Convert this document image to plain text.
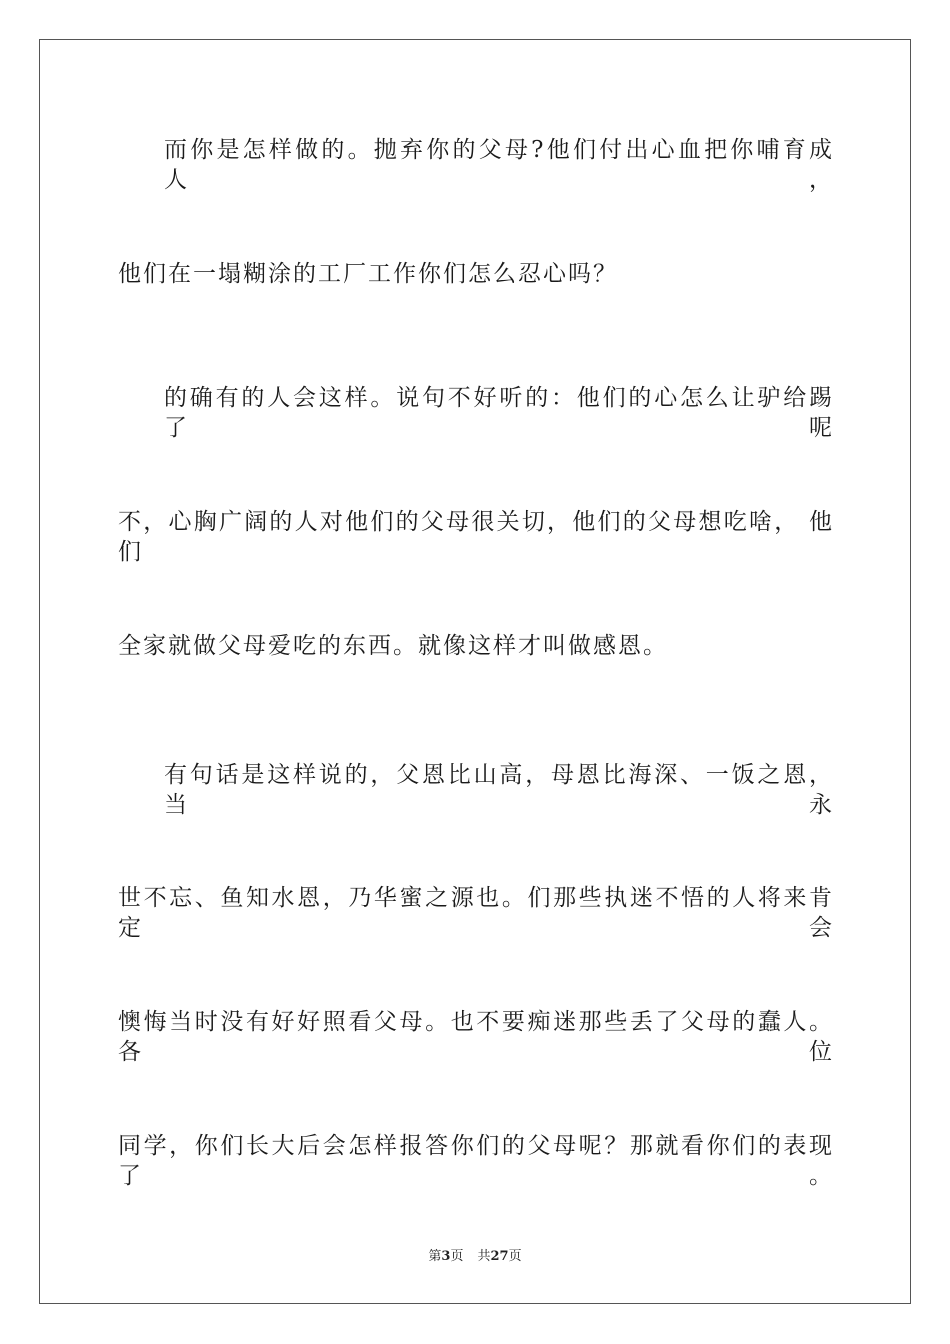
而你是怎样做的。抛弃你的父母?他们付出心血把你哺育成人，
他们在一塌糊涂的工厂工作你们怎么忍心吗？
的确有的人会这样。说句不好听的：他们的心怎么让驴给踢了呢
不，心胸广阔的人对他们的父母很关切，他们的父母想吃啥， 他们
全家就做父母爱吃的东西。就像这样才叫做感恩。
有句话是这样说的，父恩比山高，母恩比海深、一饭之恩，当永
世不忘、鱼知水恩，乃华蜜之源也。们那些执迷不悟的人将来肯定会
懊悔当时没有好好照看父母。也不要痴迷那些丢了父母的蠢人。各位
同学，你们长大后会怎样报答你们的父母呢？那就看你们的表现了。
第3页 共27页
